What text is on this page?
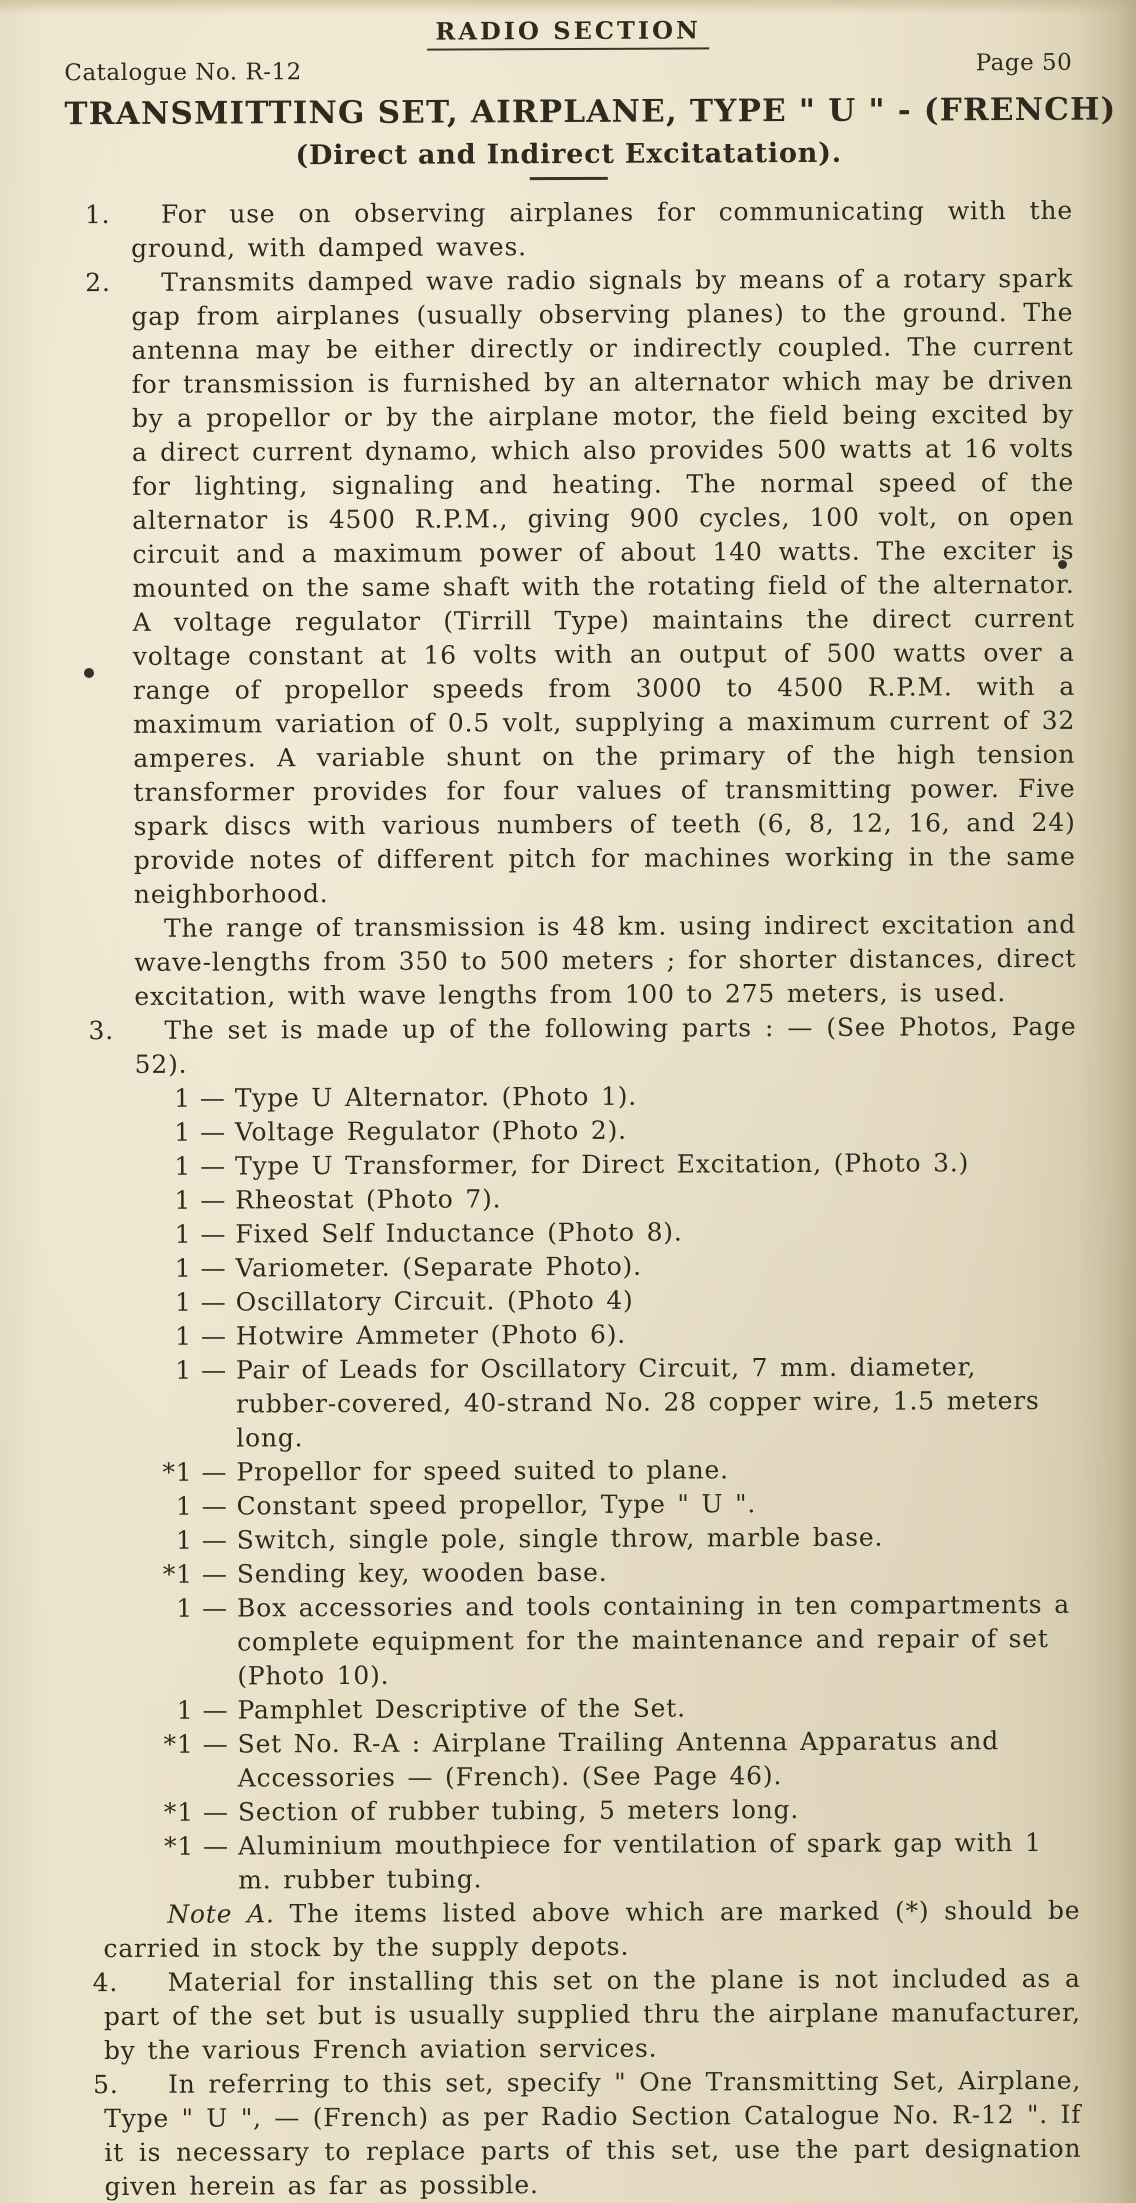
RADIO SECTION
Catalogue No. R-12	Page 50
TRANSMITTING SET, AIRPLANE, TYPE " U " - (FRENCH)
(Direct and Indirect Excitatation).
1.	For use on observing airplanes for communicating with the ground, with damped waves.

2.	Transmits damped wave radio signals by means of a rotary spark gap from airplanes (usually observing planes) to the ground. The antenna may be either directly or indirectly coupled. The current for transmission is furnished by an alternator which may be driven by a propellor or by the airplane motor, the field being excited by a direct current dynamo, which also provides 500 watts at 16 volts for lighting, signaling and heating. The normal speed of the alternator is 4500 R.P.M., giving 900 cycles, 100 volt, on open circuit and a maximum power of about 140 watts. The exciter is mounted on the same shaft with the rotating field of the alternator. A voltage regulator (Tirrill Type) maintains the direct current voltage constant at 16 volts with an output of 500 watts over a range of propellor speeds from 3000 to 4500 R.P.M. with a maximum variation of 0.5 volt, supplying a maximum current of 32 amperes. A variable shunt on the primary of the high tension transformer provides for four values of transmitting power. Five spark discs with various numbers of teeth (6, 8, 12, 16, and 24) provide notes of different pitch for machines working in the same neighborhood.

The range of transmission is 48 km. using indirect excitation and wave-lengths from 350 to 500 meters ; for shorter distances, direct excitation, with wave lengths from 100 to 275 meters, is used.

3.	The set is made up of the following parts : — (See Photos, Page 52).

1 — Type U Alternator. (Photo 1).
1 — Voltage Regulator (Photo 2).
1 — Type U Transformer, for Direct Excitation, (Photo 3.)
1 — Rheostat (Photo 7).
1 — Fixed Self Inductance (Photo 8).
1 — Variometer. (Separate Photo).
1 — Oscillatory Circuit. (Photo 4)
1 — Hotwire Ammeter (Photo 6).
1 — Pair of Leads for Oscillatory Circuit, 7 mm. diameter, rubber-covered, 40-strand No. 28 copper wire, 1.5 meters long.
*1 — Propellor for speed suited to plane.
1 — Constant speed propellor, Type " U ".
1 — Switch, single pole, single throw, marble base.
*1 — Sending key, wooden base.
1 — Box accessories and tools containing in ten compartments a complete equipment for the maintenance and repair of set (Photo 10).
1 — Pamphlet Descriptive of the Set.
*1 — Set No. R-A : Airplane Trailing Antenna Apparatus and Accessories — (French). (See Page 46).
*1 — Section of rubber tubing, 5 meters long.
*1 — Aluminium mouthpiece for ventilation of spark gap with 1 m. rubber tubing.
Note A. The items listed above which are marked (*) should be carried in stock by the supply depots.
4.	Material for installing this set on the plane is not included as a part of the set but is usually supplied thru the airplane manufacturer, by the various French aviation services.

5.	In referring to this set, specify " One Transmitting Set, Airplane, Type " U ", — (French) as per Radio Section Catalogue No. R-12 ". If it is necessary to replace parts of this set, use the part designation given herein as far as possible.
